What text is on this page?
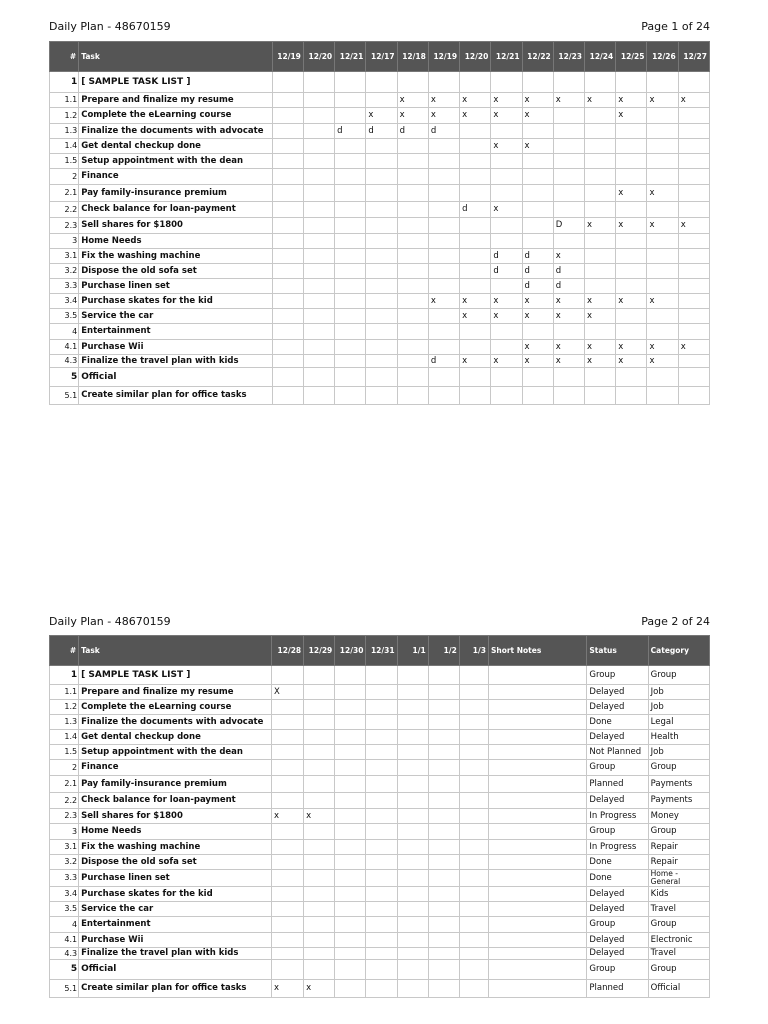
Daily Plan - 48670159	Page 1 of 24
#	Task	12/19	12/20	12/21	12/17	12/18	12/19	12/20	12/21	12/22	12/23	12/24	12/25	12/26	12/27
1	[ SAMPLE TASK LIST ]														
1.1	Prepare and finalize my resume					x	x	x	x	x	x	x	x	x	x
1.2	Complete the eLearning course				x	x	x	x	x	x			x		
1.3	Finalize the documents with advocate			d	d	d	d								
1.4	Get dental checkup done								x	x					
1.5	Setup appointment with the dean														
2	Finance														
2.1	Pay family-insurance premium												x	x	
2.2	Check balance for loan-payment							d	x						
2.3	Sell shares for $1800										D	x	x	x	x
3	Home Needs														
3.1	Fix the washing machine								d	d	x				
3.2	Dispose the old sofa set								d	d	d				
3.3	Purchase linen set									d	d				
3.4	Purchase skates for the kid						x	x	x	x	x	x	x	x	
3.5	Service the car							x	x	x	x	x			
4	Entertainment														
4.1	Purchase Wii									x	x	x	x	x	x
4.3	Finalize the travel plan with kids						d	x	x	x	x	x	x	x	
5	Official														
5.1	Create similar plan for office tasks														
Daily Plan - 48670159	Page 2 of 24
#	Task	12/28	12/29	12/30	12/31	1/1	1/2	1/3	Short Notes	Status	Category
1	[ SAMPLE TASK LIST ]									Group	Group
1.1	Prepare and finalize my resume	X								Delayed	Job
1.2	Complete the eLearning course									Delayed	Job
1.3	Finalize the documents with advocate									Done	Legal
1.4	Get dental checkup done									Delayed	Health
1.5	Setup appointment with the dean									Not Planned	Job
2	Finance									Group	Group
2.1	Pay family-insurance premium									Planned	Payments
2.2	Check balance for loan-payment									Delayed	Payments
2.3	Sell shares for $1800	x	x							In Progress	Money
3	Home Needs									Group	Group
3.1	Fix the washing machine									In Progress	Repair
3.2	Dispose the old sofa set									Done	Repair
3.3	Purchase linen set									Done	Home - General
3.4	Purchase skates for the kid									Delayed	Kids
3.5	Service the car									Delayed	Travel
4	Entertainment									Group	Group
4.1	Purchase Wii									Delayed	Electronic
4.3	Finalize the travel plan with kids									Delayed	Travel
5	Official									Group	Group
5.1	Create similar plan for office tasks	x	x							Planned	Official
